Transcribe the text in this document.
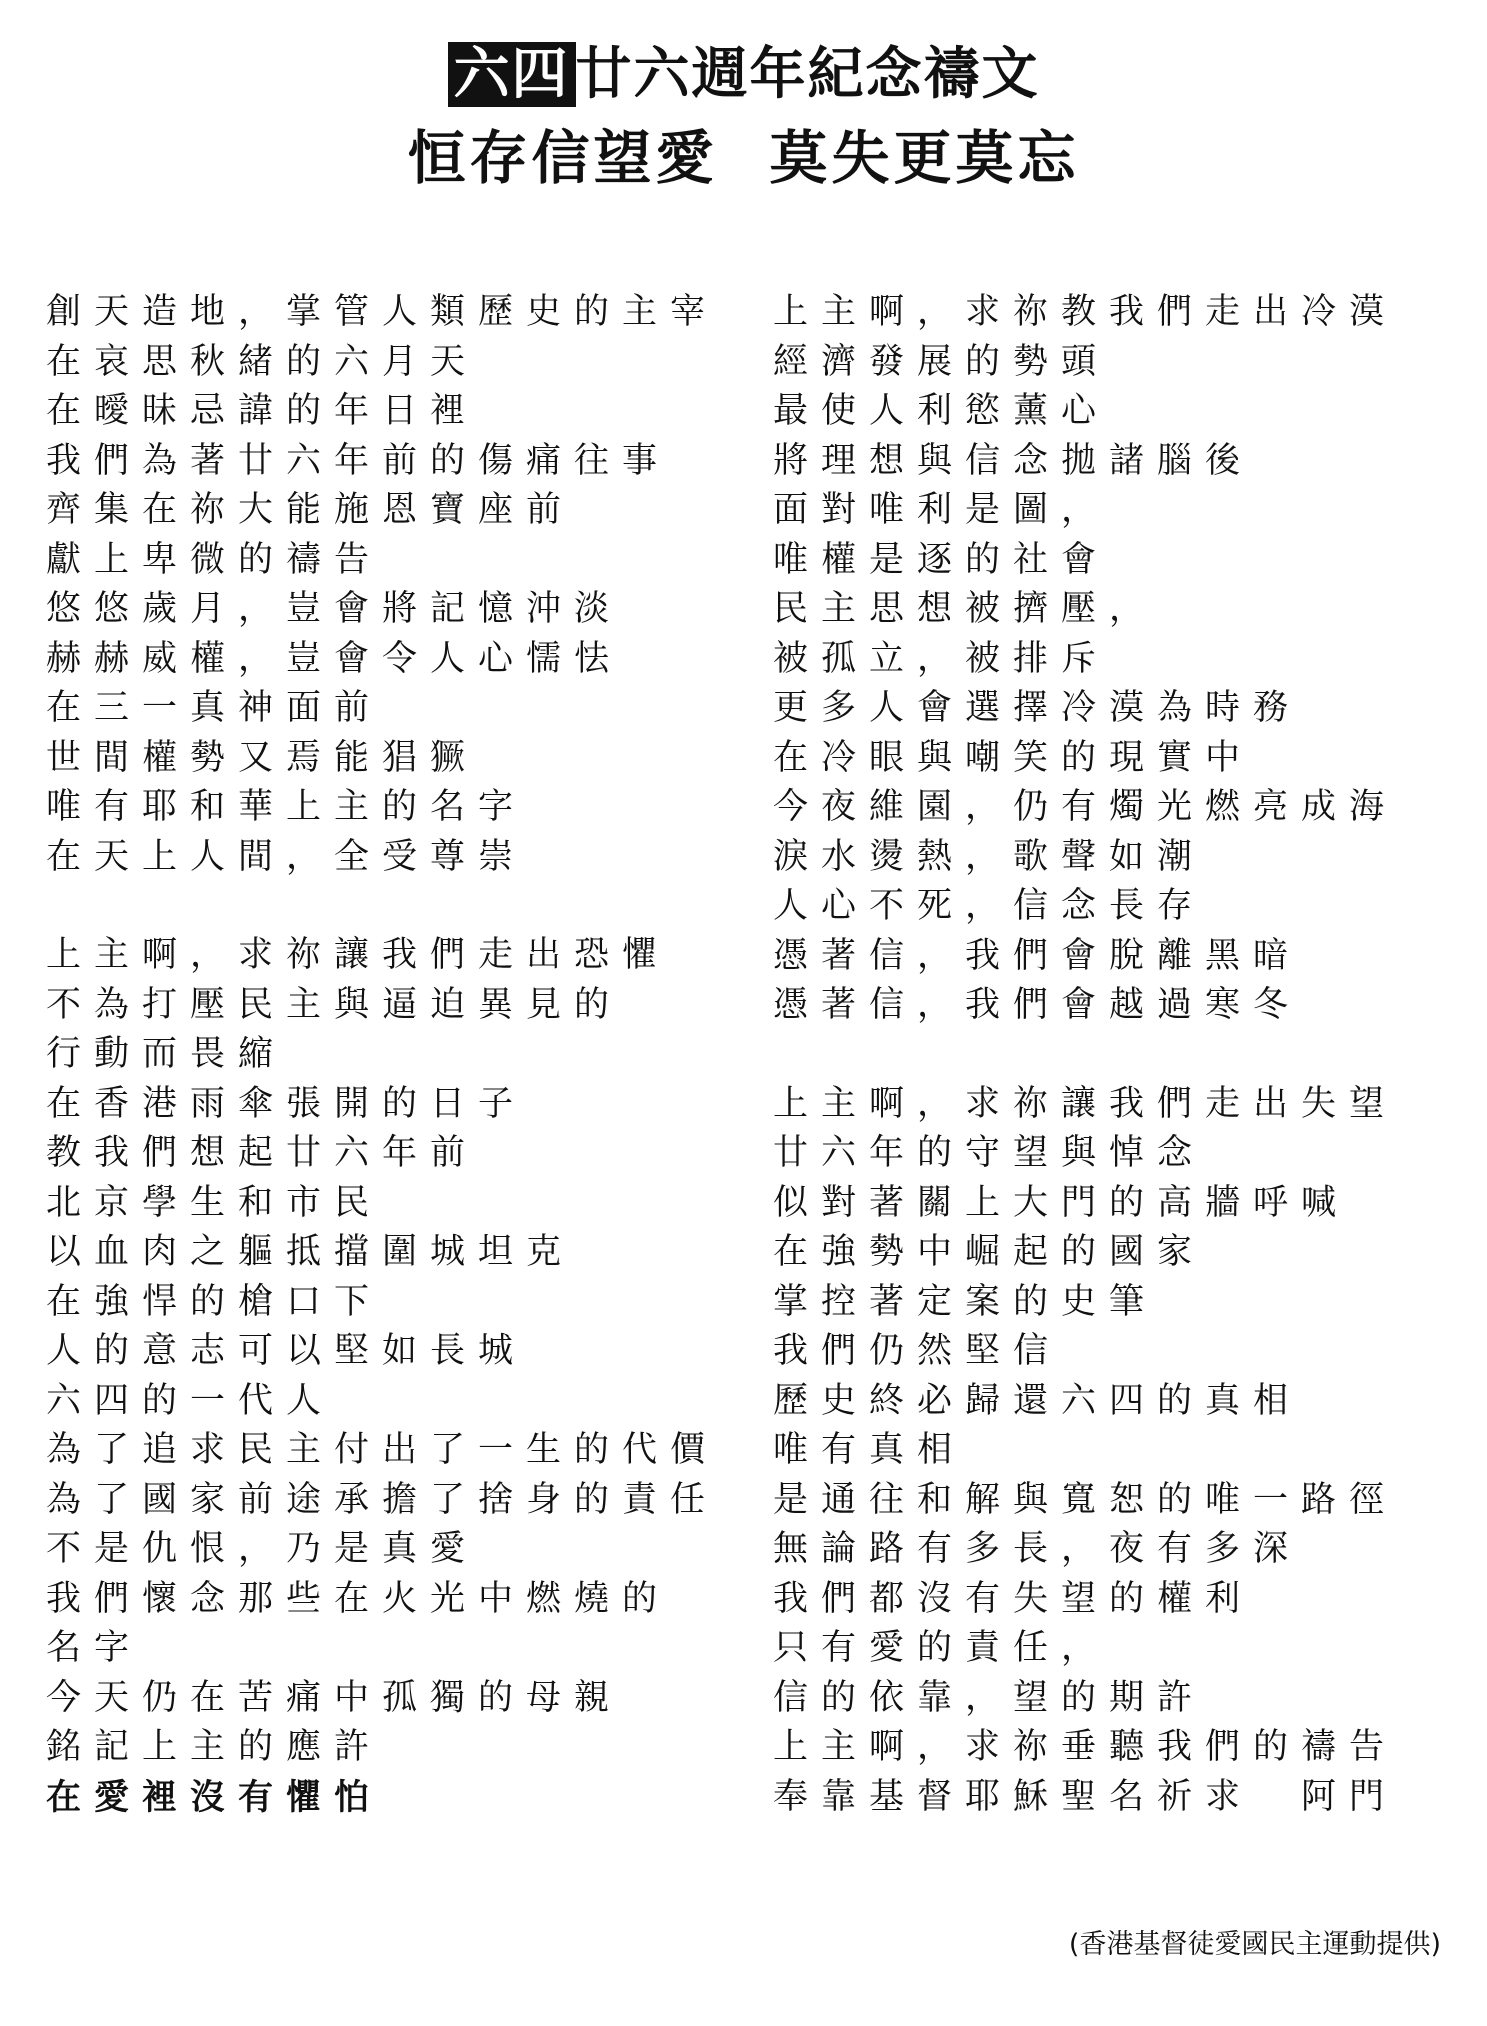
六四 廿六週年紀念禱文
恒存信望愛 莫失更莫忘
創天造地，掌管人類歷史的主宰
在哀思秋緒的六月天
在曖昧忌諱的年日裡
我們為著廿六年前的傷痛往事
齊集在祢大能施恩寶座前
獻上卑微的禱告
悠悠歲月，豈會將記憶沖淡
赫赫威權，豈會令人心懦怯
在三一真神面前
世間權勢又焉能猖獗
唯有耶和華上主的名字
在天上人間，全受尊崇
上主啊，求祢讓我們走出恐懼
不為打壓民主與逼迫異見的
行動而畏縮
在香港雨傘張開的日子
教我們想起廿六年前
北京學生和市民
以血肉之軀抵擋圍城坦克
在強悍的槍口下
人的意志可以堅如長城
六四的一代人
為了追求民主付出了一生的代價
為了國家前途承擔了捨身的責任
不是仇恨，乃是真愛
我們懷念那些在火光中燃燒的
名字
今天仍在苦痛中孤獨的母親
銘記上主的應許
在愛裡沒有懼怕
上主啊，求祢教我們走出冷漠
經濟發展的勢頭
最使人利慾薰心
將理想與信念拋諸腦後
面對唯利是圖，
唯權是逐的社會
民主思想被擠壓，
被孤立，被排斥
更多人會選擇冷漠為時務
在冷眼與嘲笑的現實中
今夜維園，仍有燭光燃亮成海
淚水燙熱，歌聲如潮
人心不死，信念長存
憑著信，我們會脫離黑暗
憑著信，我們會越過寒冬
上主啊，求祢讓我們走出失望
廿六年的守望與悼念
似對著關上大門的高牆呼喊
在強勢中崛起的國家
掌控著定案的史筆
我們仍然堅信
歷史終必歸還六四的真相
唯有真相
是通往和解與寬恕的唯一路徑
無論路有多長，夜有多深
我們都沒有失望的權利
只有愛的責任，
信的依靠，望的期許
上主啊，求祢垂聽我們的禱告
奉靠基督耶穌聖名祈求　阿門
(香港基督徒愛國民主運動提供)
